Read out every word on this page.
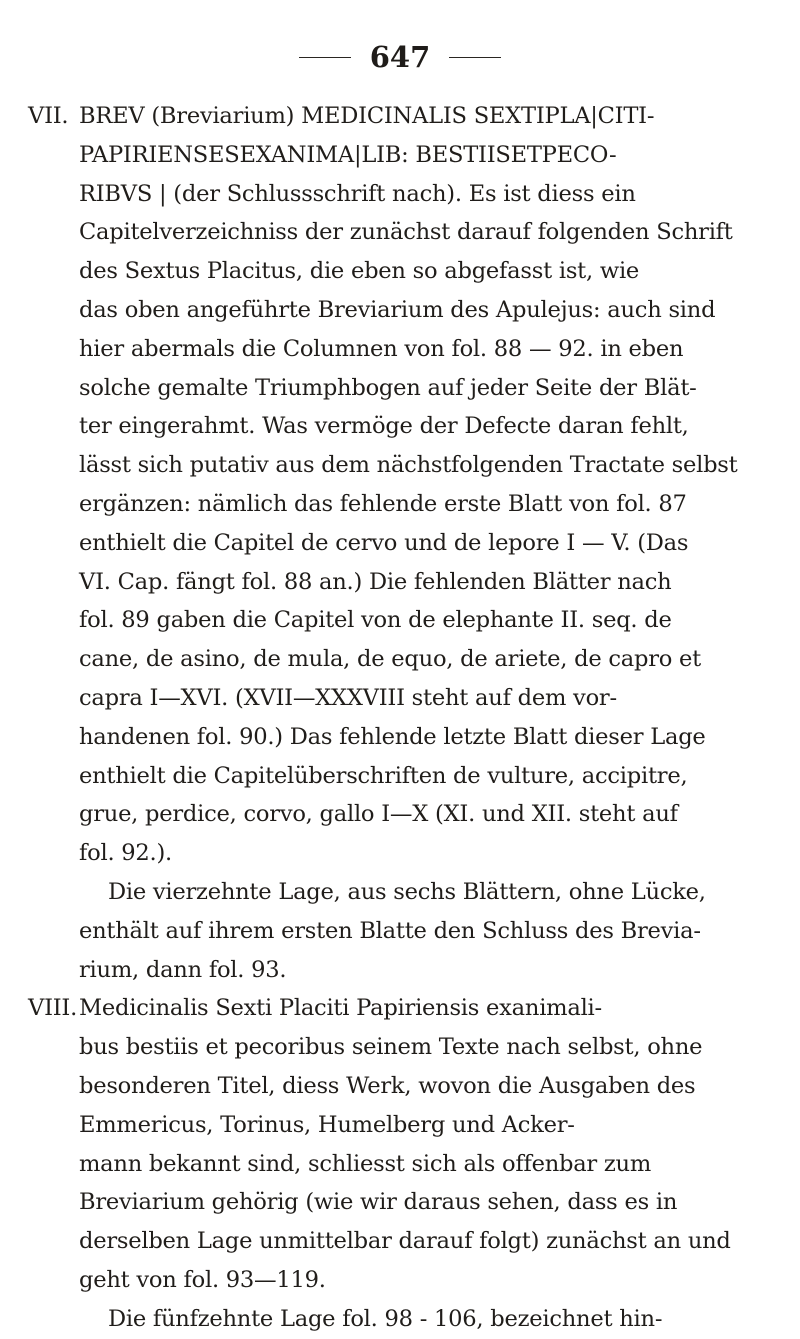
647
VII. BREV (Breviarium) MEDICINALIS SEXTIPLA|CITI-
PAPIRIENSESEXANIMA|LIB: BESTIISETPECO-
RIBVS | (der Schlussschrift nach). Es ist diess ein
Capitelverzeichniss der zunächst darauf folgenden Schrift
des Sextus Placitus, die eben so abgefasst ist, wie
das oben angeführte Breviarium des Apulejus: auch sind
hier abermals die Columnen von fol. 88 — 92. in eben
solche gemalte Triumphbogen auf jeder Seite der Blät-
ter eingerahmt. Was vermöge der Defecte daran fehlt,
lässt sich putativ aus dem nächstfolgenden Tractate selbst
ergänzen: nämlich das fehlende erste Blatt von fol. 87
enthielt die Capitel de cervo und de lepore I — V. (Das
VI. Cap. fängt fol. 88 an.) Die fehlenden Blätter nach
fol. 89 gaben die Capitel von de elephante II. seq. de
cane, de asino, de mula, de equo, de ariete, de capro et
capra I—XVI. (XVII—XXXVIII steht auf dem vor-
handenen fol. 90.) Das fehlende letzte Blatt dieser Lage
enthielt die Capitelüberschriften de vulture, accipitre,
grue, perdice, corvo, gallo I—X (XI. und XII. steht auf
fol. 92.).
Die vierzehnte Lage, aus sechs Blättern, ohne Lücke,
enthält auf ihrem ersten Blatte den Schluss des Brevia-
rium, dann fol. 93.
VIII. Medicinalis Sexti Placiti Papiriensis exanimali-
bus bestiis et pecoribus seinem Texte nach selbst, ohne
besonderen Titel, diess Werk, wovon die Ausgaben des
Emmericus, Torinus, Humelberg und Acker-
mann bekannt sind, schliesst sich als offenbar zum
Breviarium gehörig (wie wir daraus sehen, dass es in
derselben Lage unmittelbar darauf folgt) zunächst an und
geht von fol. 93—119.
Die fünfzehnte Lage fol. 98 - 106, bezeichnet hin-
